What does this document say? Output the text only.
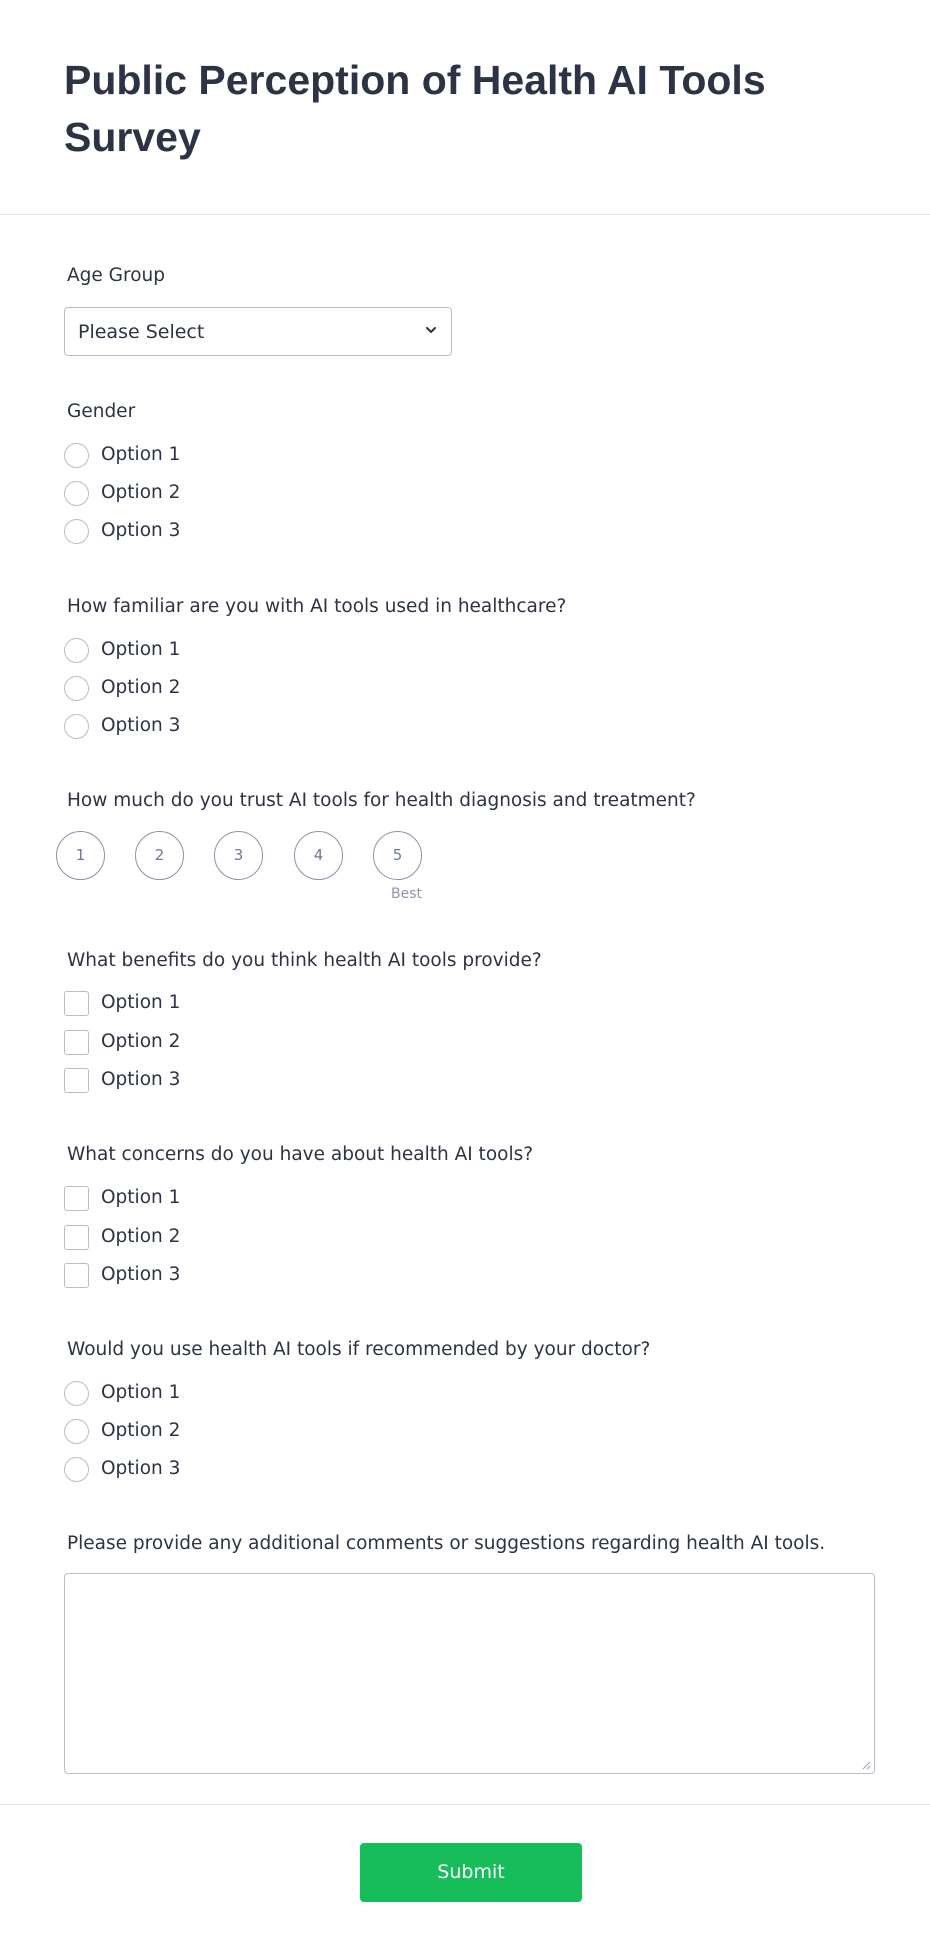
Public Perception of Health AI Tools Survey
Age Group
Please Select
Gender
Option 1
Option 2
Option 3
How familiar are you with AI tools used in healthcare?
Option 1
Option 2
Option 3
How much do you trust AI tools for health diagnosis and treatment?
1	2	3	4	5
Best
What benefits do you think health AI tools provide?
Option 1
Option 2
Option 3
What concerns do you have about health AI tools?
Option 1
Option 2
Option 3
Would you use health AI tools if recommended by your doctor?
Option 1
Option 2
Option 3
Please provide any additional comments or suggestions regarding health AI tools.
Submit
